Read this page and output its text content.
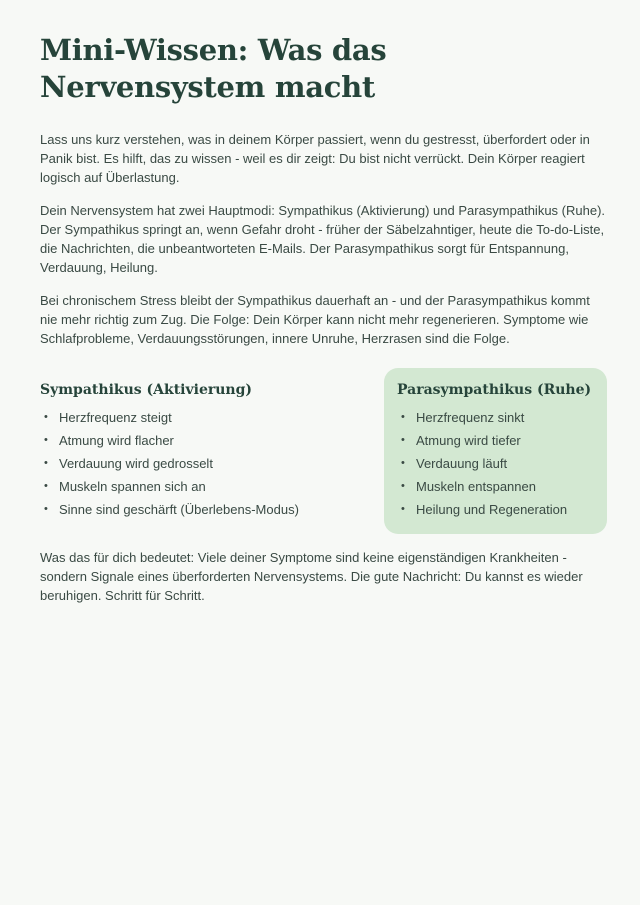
Mini-Wissen: Was das Nervensystem macht

Lass uns kurz verstehen, was in deinem Körper passiert, wenn du gestresst, überfordert oder in Panik bist. Es hilft, das zu wissen - weil es dir zeigt: Du bist nicht verrückt. Dein Körper reagiert logisch auf Überlastung.

Dein Nervensystem hat zwei Hauptmodi: Sympathikus (Aktivierung) und Parasympathikus (Ruhe). Der Sympathikus springt an, wenn Gefahr droht - früher der Säbelzahntiger, heute die To-do-Liste, die Nachrichten, die unbeantworteten E-Mails. Der Parasympathikus sorgt für Entspannung, Verdauung, Heilung.

Bei chronischem Stress bleibt der Sympathikus dauerhaft an - und der Parasympathikus kommt nie mehr richtig zum Zug. Die Folge: Dein Körper kann nicht mehr regenerieren. Symptome wie Schlafprobleme, Verdauungsstörungen, innere Unruhe, Herzrasen sind die Folge.

Sympathikus (Aktivierung)
• Herzfrequenz steigt
• Atmung wird flacher
• Verdauung wird gedrosselt
• Muskeln spannen sich an
• Sinne sind geschärft (Überlebens-Modus)
Parasympathikus (Ruhe)
• Herzfrequenz sinkt
• Atmung wird tiefer
• Verdauung läuft
• Muskeln entspannen
• Heilung und Regeneration

Was das für dich bedeutet: Viele deiner Symptome sind keine eigenständigen Krankheiten - sondern Signale eines überforderten Nervensystems. Die gute Nachricht: Du kannst es wieder beruhigen. Schritt für Schritt.
